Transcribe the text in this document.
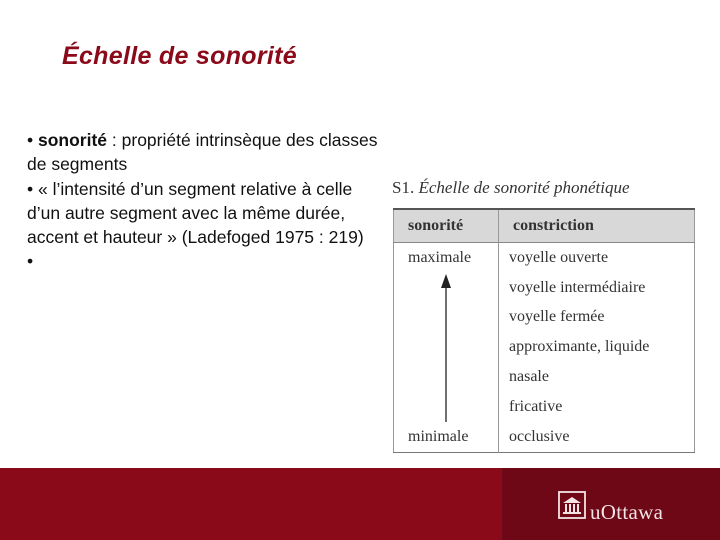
Échelle de sonorité

• sonorité : propriété intrinsèque des classes de segments

• « l’intensité d’un segment relative à celle d’un autre segment avec la même durée, accent et hauteur » (Ladefoged 1975 : 219)

•

S1. Échelle de sonorité phonétique
sonorité	constriction
maximale	voyelle ouverte
	voyelle intermédiaire
	voyelle fermée
	approximante, liquide
	nasale
	fricative
minimale	occlusive
uOttawa
